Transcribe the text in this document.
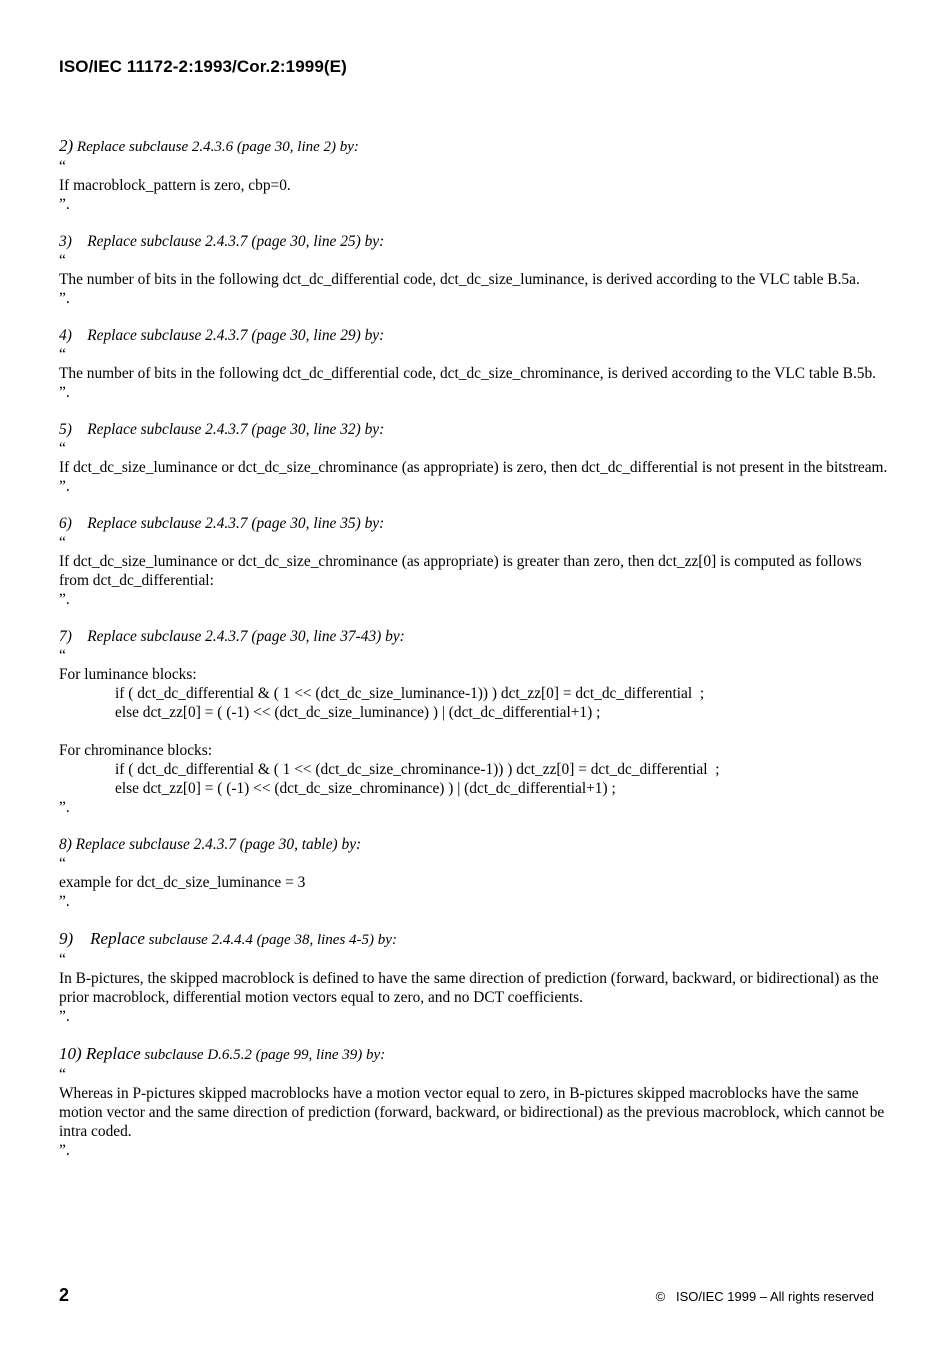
ISO/IEC 11172-2:1993/Cor.2:1999(E)

2) Replace subclause 2.4.3.6 (page 30, line 2) by:

“

If macroblock_pattern is zero, cbp=0.

”.

3)    Replace subclause 2.4.3.7 (page 30, line 25) by:

“

The number of bits in the following dct_dc_differential code, dct_dc_size_luminance, is derived according to the VLC table B.5a.

”.

4)    Replace subclause 2.4.3.7 (page 30, line 29) by:

“

The number of bits in the following dct_dc_differential code, dct_dc_size_chrominance, is derived according to the VLC table B.5b.

”.

5)    Replace subclause 2.4.3.7 (page 30, line 32) by:

“

If dct_dc_size_luminance or dct_dc_size_chrominance (as appropriate) is zero, then dct_dc_differential is not present in the bitstream.

”.

6)    Replace subclause 2.4.3.7 (page 30, line 35) by:

“

If dct_dc_size_luminance or dct_dc_size_chrominance (as appropriate) is greater than zero, then dct_zz[0] is computed as follows from dct_dc_differential:

”.

7)    Replace subclause 2.4.3.7 (page 30, line 37-43) by:

“

For luminance blocks:

if ( dct_dc_differential & ( 1 << (dct_dc_size_luminance-1)) ) dct_zz[0] = dct_dc_differential  ;

else dct_zz[0] = ( (-1) << (dct_dc_size_luminance) ) | (dct_dc_differential+1) ;

For chrominance blocks:

if ( dct_dc_differential & ( 1 << (dct_dc_size_chrominance-1)) ) dct_zz[0] = dct_dc_differential  ;

else dct_zz[0] = ( (-1) << (dct_dc_size_chrominance) ) | (dct_dc_differential+1) ;

”.

8) Replace subclause 2.4.3.7 (page 30, table) by:

“

example for dct_dc_size_luminance = 3

”.

9)    Replace subclause 2.4.4.4 (page 38, lines 4-5) by:

“

In B-pictures, the skipped macroblock is defined to have the same direction of prediction (forward, backward, or bidirectional) as the prior macroblock, differential motion vectors equal to zero, and no DCT coefficients.

”.

10) Replace subclause D.6.5.2 (page 99, line 39) by:

“

Whereas in P-pictures skipped macroblocks have a motion vector equal to zero, in B-pictures skipped macroblocks have the same motion vector and the same direction of prediction (forward, backward, or bidirectional) as the previous macroblock, which cannot be intra coded.

”.

2	©   ISO/IEC 1999 – All rights reserved
